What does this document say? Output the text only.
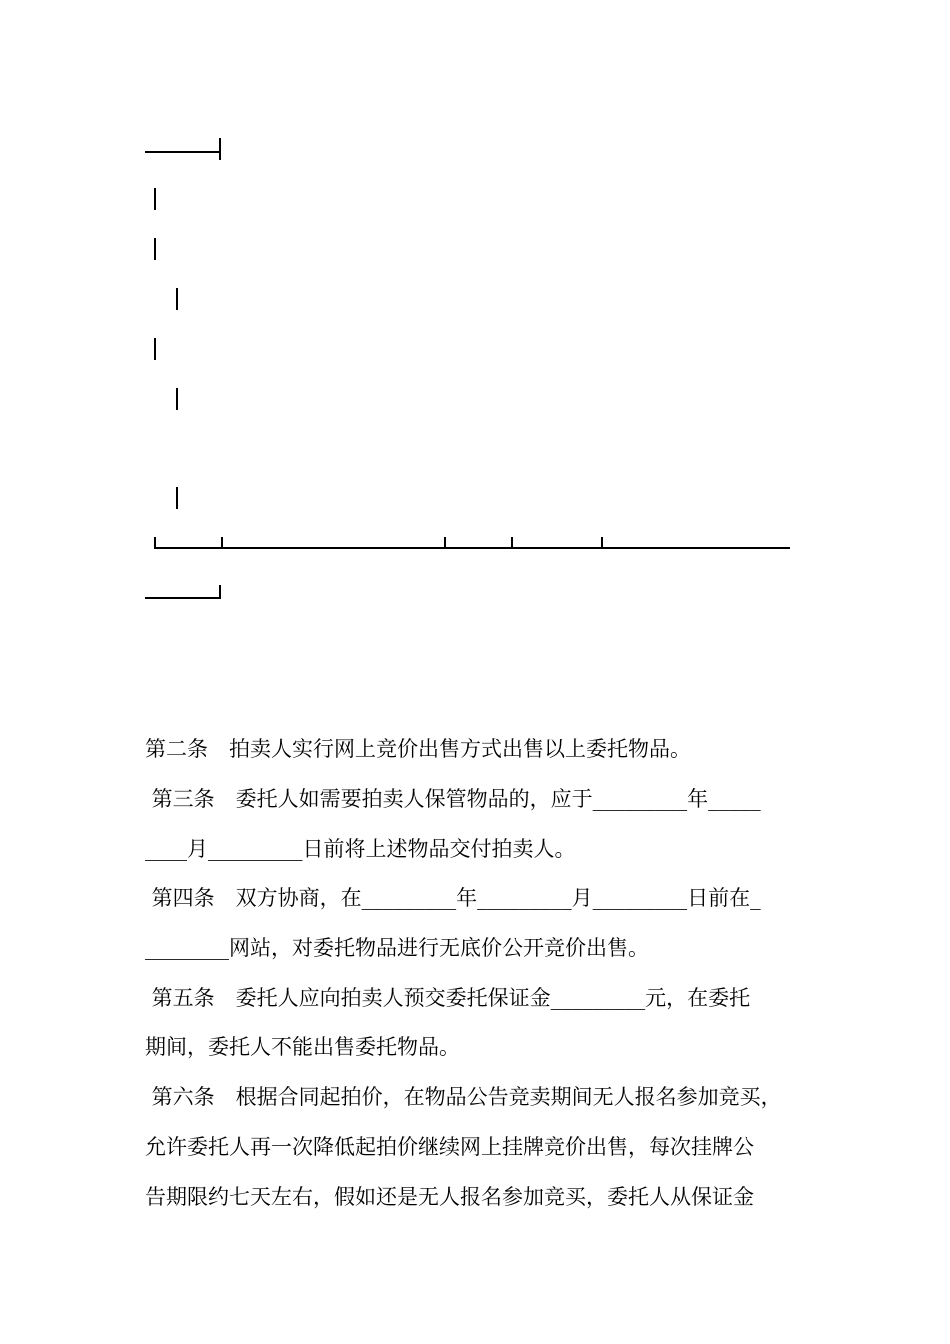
第二条　拍卖人实行网上竞价出售方式出售以上委托物品。
第三条　委托人如需要拍卖人保管物品的，应于_________年_____
____月_________日前将上述物品交付拍卖人。
第四条　双方协商，在_________年_________月_________日前在_
________网站，对委托物品进行无底价公开竞价出售。
第五条　委托人应向拍卖人预交委托保证金_________元，在委托
期间，委托人不能出售委托物品。
第六条　根据合同起拍价，在物品公告竞卖期间无人报名参加竞买，
允许委托人再一次降低起拍价继续网上挂牌竞价出售，每次挂牌公
告期限约七天左右，假如还是无人报名参加竞买，委托人从保证金
